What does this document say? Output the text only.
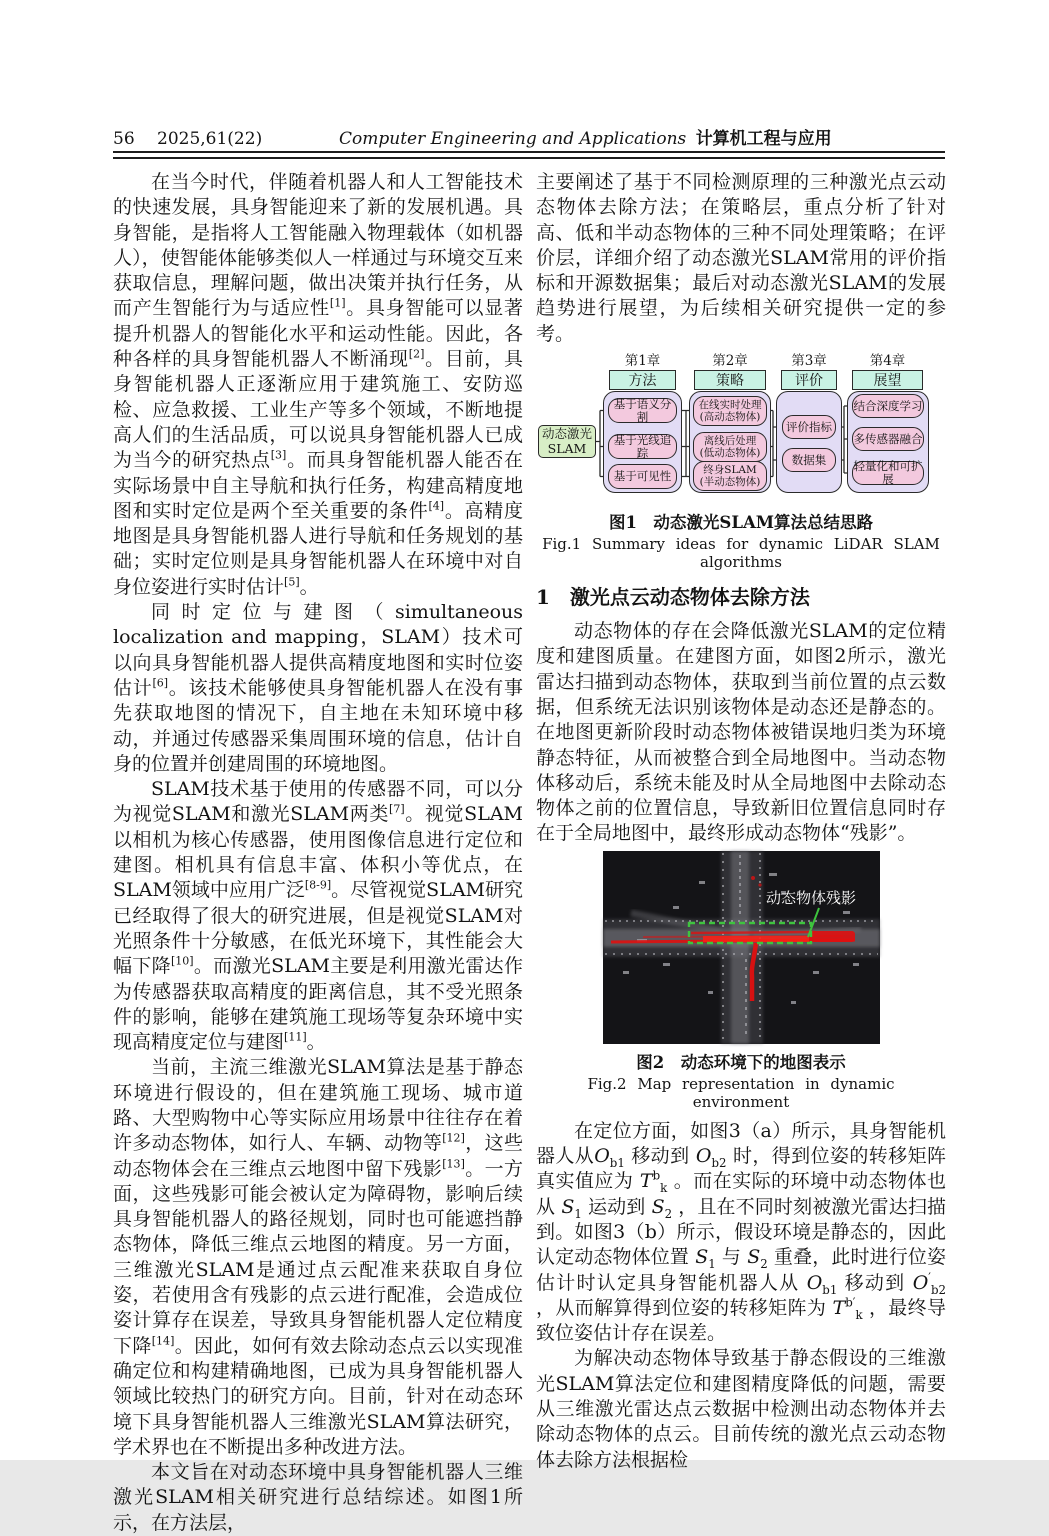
56	2025,61(22)	Computer Engineering and Applications 计算机工程与应用

在当今时代，伴随着机器人和人工智能技术的快速发展，具身智能迎来了新的发展机遇。具身智能，是指将人工智能融入物理载体（如机器人），使智能体能够类似人一样通过与环境交互来获取信息，理解问题，做出决策并执行任务，从而产生智能行为与适应性[1]。具身智能可以显著提升机器人的智能化水平和运动性能。因此，各种各样的具身智能机器人不断涌现[2]。目前，具身智能机器人正逐渐应用于建筑施工、安防巡检、应急救援、工业生产等多个领域，不断地提高人们的生活品质，可以说具身智能机器人已成为当今的研究热点[3]。而具身智能机器人能否在实际场景中自主导航和执行任务，构建高精度地图和实时定位是两个至关重要的条件[4]。高精度地图是具身智能机器人进行导航和任务规划的基础；实时定位则是具身智能机器人在环境中对自身位姿进行实时估计[5]。

同时定位与建图（simultaneous localization and mapping，SLAM）技术可以向具身智能机器人提供高精度地图和实时位姿估计[6]。该技术能够使具身智能机器人在没有事先获取地图的情况下，自主地在未知环境中移动，并通过传感器采集周围环境的信息，估计自身的位置并创建周围的环境地图。

SLAM技术基于使用的传感器不同，可以分为视觉SLAM和激光SLAM两类[7]。视觉SLAM以相机为核心传感器，使用图像信息进行定位和建图。相机具有信息丰富、体积小等优点，在SLAM领域中应用广泛[8-9]。尽管视觉SLAM研究已经取得了很大的研究进展，但是视觉SLAM对光照条件十分敏感，在低光环境下，其性能会大幅下降[10]。而激光SLAM主要是利用激光雷达作为传感器获取高精度的距离信息，其不受光照条件的影响，能够在建筑施工现场等复杂环境中实现高精度定位与建图[11]。

当前，主流三维激光SLAM算法是基于静态环境进行假设的，但在建筑施工现场、城市道路、大型购物中心等实际应用场景中往往存在着许多动态物体，如行人、车辆、动物等[12]，这些动态物体会在三维点云地图中留下残影[13]。一方面，这些残影可能会被认定为障碍物，影响后续具身智能机器人的路径规划，同时也可能遮挡静态物体，降低三维点云地图的精度。另一方面，三维激光SLAM是通过点云配准来获取自身位姿，若使用含有残影的点云进行配准，会造成位姿计算存在误差，导致具身智能机器人定位精度下降[14]。因此，如何有效去除动态点云以实现准确定位和构建精确地图，已成为具身智能机器人领域比较热门的研究方向。目前，针对在动态环境下具身智能机器人三维激光SLAM算法研究，学术界也在不断提出多种改进方法。

本文旨在对动态环境中具身智能机器人三维激光SLAM相关研究进行总结综述。如图1所示，在方法层，

主要阐述了基于不同检测原理的三种激光点云动态物体去除方法；在策略层，重点分析了针对高、低和半动态物体的三种不同处理策略；在评价层，详细介绍了动态激光SLAM常用的评价指标和开源数据集；最后对动态激光SLAM的发展趋势进行展望，为后续相关研究提供一定的参考。

动态激光
SLAM
第1章	第2章	第3章	第4章
方法	策略	评价	展望
基于语义分割
基于光线追踪
基于可见性
在线实时处理
(高动态物体)
离线后处理
(低动态物体)
终身SLAM
(半动态物体)
评价指标
数据集
结合深度学习
多传感器融合
轻量化和可扩展
图1　动态激光SLAM算法总结思路
Fig.1 Summary ideas for dynamic LiDAR SLAM algorithms
1 激光点云动态物体去除方法

动态物体的存在会降低激光SLAM的定位精度和建图质量。在建图方面，如图2所示，激光雷达扫描到动态物体，获取到当前位置的点云数据，但系统无法识别该物体是动态还是静态的。在地图更新阶段时动态物体被错误地归类为环境静态特征，从而被整合到全局地图中。当动态物体移动后，系统未能及时从全局地图中去除动态物体之前的位置信息，导致新旧位置信息同时存在于全局地图中，最终形成动态物体“残影”。

动态物体残影
图2　动态环境下的地图表示
Fig.2 Map representation in dynamic environment

在定位方面，如图3（a）所示，具身智能机器人从$O_{b1}$ 移动到 $O_{b2}$ 时，得到位姿的转移矩阵真实值应为 $T^b_k$ 。而在实际的环境中动态物体也从 $S_1$ 运动到 $S_2$ ，且在不同时刻被激光雷达扫描到。如图3（b）所示，假设环境是静态的，因此认定动态物体位置 $S_1$ 与 $S_2$ 重叠，此时进行位姿估计时认定具身智能机器人从 $O_{b1}$ 移动到 $O'_{b2}$ ，从而解算得到位姿的转移矩阵为 $T^{b'}_k$ ，最终导致位姿估计存在误差。

为解决动态物体导致基于静态假设的三维激光SLAM算法定位和建图精度降低的问题，需要从三维激光雷达点云数据中检测出动态物体并去除动态物体的点云。目前传统的激光点云动态物体去除方法根据检
